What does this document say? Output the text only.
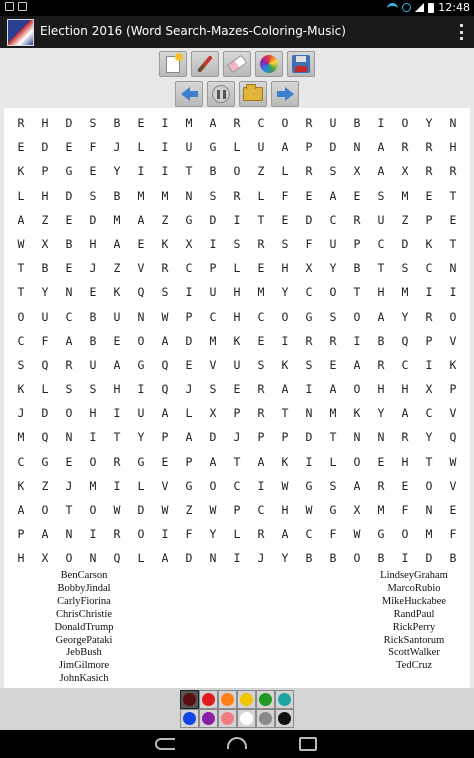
12:48
Election 2016 (Word Search-Mazes-Coloring-Music)
R	H	D	S	B	E	I	M	A	R	C	O	R	U	B	I	O	Y	N
E	D	E	F	J	L	I	U	G	L	U	A	P	D	N	A	R	R	H
K	P	G	E	Y	I	I	T	B	O	Z	L	R	S	X	A	X	R	R
L	H	D	S	B	M	M	N	S	R	L	F	E	A	E	S	M	E	T
A	Z	E	D	M	A	Z	G	D	I	T	E	D	C	R	U	Z	P	E
W	X	B	H	A	E	K	X	I	S	R	S	F	U	P	C	D	K	T
T	B	E	J	Z	V	R	C	P	L	E	H	X	Y	B	T	S	C	N
T	Y	N	E	K	Q	S	I	U	H	M	Y	C	O	T	H	M	I	I
O	U	C	B	U	N	W	P	C	H	C	O	G	S	O	A	Y	R	O
C	F	A	B	E	O	A	D	M	K	E	I	R	R	I	B	Q	P	V
S	Q	R	U	A	G	Q	E	V	U	S	K	S	E	A	R	C	I	K
K	L	S	S	H	I	Q	J	S	E	R	A	I	A	O	H	H	X	P
J	D	O	H	I	U	A	L	X	P	R	T	N	M	K	Y	A	C	V
M	Q	N	I	T	Y	P	A	D	J	P	P	D	T	N	N	R	Y	Q
C	G	E	O	R	G	E	P	A	T	A	K	I	L	O	E	H	T	W
K	Z	J	M	I	L	V	G	O	C	I	W	G	S	A	R	E	O	V
A	O	T	O	W	D	W	Z	W	P	C	H	W	G	X	M	F	N	E
P	A	N	I	R	O	I	F	Y	L	R	A	C	F	W	G	O	M	F
H	X	O	N	Q	L	A	D	N	I	J	Y	B	B	O	B	I	D	B
BenCarson
BobbyJindal
CarlyFiorina
ChrisChristie
DonaldTrump
GeorgePataki
JebBush
JimGilmore
JohnKasich
LindseyGraham
MarcoRubio
MikeHuckabee
RandPaul
RickPerry
RickSantorum
ScottWalker
TedCruz
